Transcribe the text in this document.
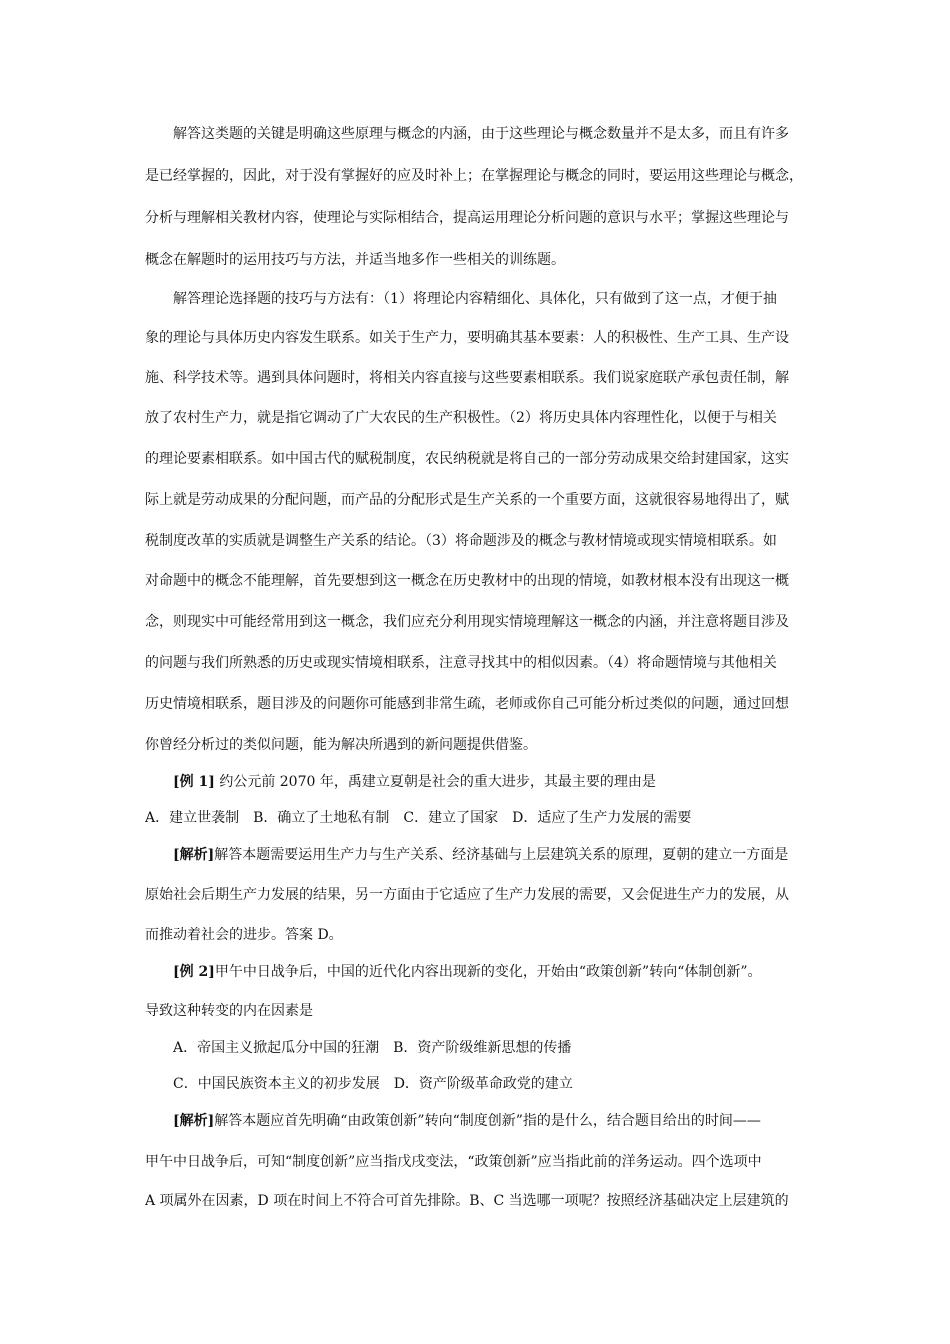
解答这类题的关键是明确这些原理与概念的内涵，由于这些理论与概念数量并不是太多，而且有许多
是已经掌握的，因此，对于没有掌握好的应及时补上；在掌握理论与概念的同时，要运用这些理论与概念，
分析与理解相关教材内容，使理论与实际相结合，提高运用理论分析问题的意识与水平；掌握这些理论与
概念在解题时的运用技巧与方法，并适当地多作一些相关的训练题。
解答理论选择题的技巧与方法有：（1）将理论内容精细化、具体化，只有做到了这一点，才便于抽
象的理论与具体历史内容发生联系。如关于生产力，要明确其基本要素：人的积极性、生产工具、生产设
施、科学技术等。遇到具体问题时，将相关内容直接与这些要素相联系。我们说家庭联产承包责任制，解
放了农村生产力，就是指它调动了广大农民的生产积极性。（2）将历史具体内容理性化，以便于与相关
的理论要素相联系。如中国古代的赋税制度，农民纳税就是将自己的一部分劳动成果交给封建国家，这实
际上就是劳动成果的分配问题，而产品的分配形式是生产关系的一个重要方面，这就很容易地得出了，赋
税制度改革的实质就是调整生产关系的结论。（3）将命题涉及的概念与教材情境或现实情境相联系。如
对命题中的概念不能理解，首先要想到这一概念在历史教材中的出现的情境，如教材根本没有出现这一概
念，则现实中可能经常用到这一概念，我们应充分利用现实情境理解这一概念的内涵，并注意将题目涉及
的问题与我们所熟悉的历史或现实情境相联系，注意寻找其中的相似因素。（4）将命题情境与其他相关
历史情境相联系，题目涉及的问题你可能感到非常生疏，老师或你自己可能分析过类似的问题，通过回想
你曾经分析过的类似问题，能为解决所遇到的新问题提供借鉴。
[例 1] 约公元前 2070 年，禹建立夏朝是社会的重大进步，其最主要的理由是
A．建立世袭制　B．确立了土地私有制　C．建立了国家　D．适应了生产力发展的需要
[解析]解答本题需要运用生产力与生产关系、经济基础与上层建筑关系的原理，夏朝的建立一方面是
原始社会后期生产力发展的结果，另一方面由于它适应了生产力发展的需要，又会促进生产力的发展，从
而推动着社会的进步。答案 D。
[例 2]甲午中日战争后，中国的近代化内容出现新的变化，开始由“政策创新”转向“体制创新”。
导致这种转变的内在因素是
A．帝国主义掀起瓜分中国的狂潮　B．资产阶级维新思想的传播
C．中国民族资本主义的初步发展　D．资产阶级革命政党的建立
[解析]解答本题应首先明确“由政策创新”转向“制度创新”指的是什么，结合题目给出的时间——
甲午中日战争后，可知“制度创新”应当指戊戌变法，“政策创新”应当指此前的洋务运动。四个选项中
A 项属外在因素，D 项在时间上不符合可首先排除。B、C 当选哪一项呢？按照经济基础决定上层建筑的
